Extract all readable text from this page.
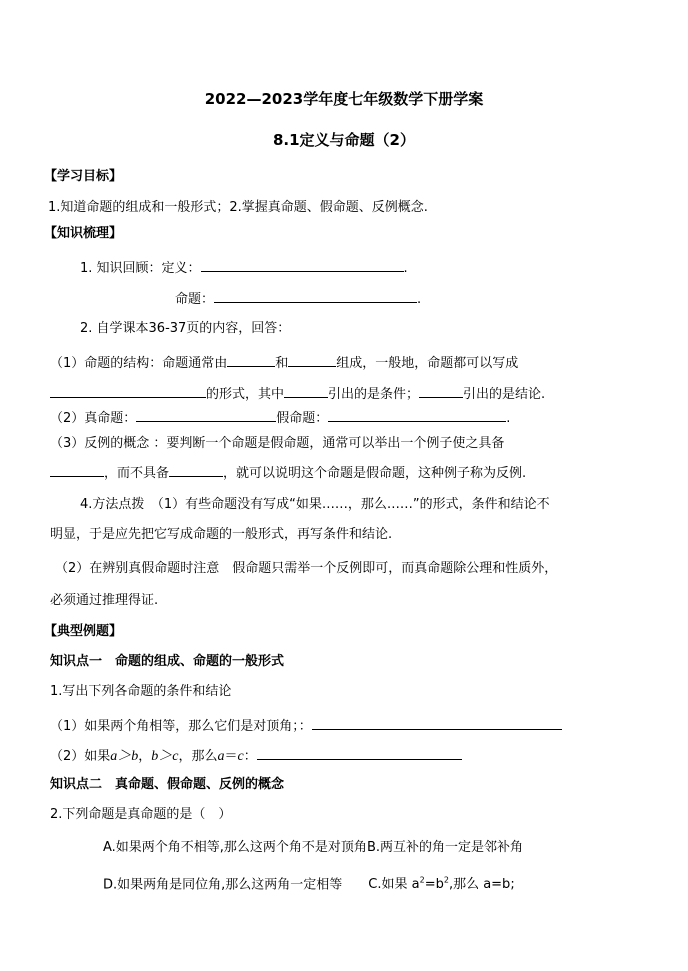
2022—2023学年度七年级数学下册学案
8.1定义与命题（2）
【学习目标】
1.知道命题的组成和一般形式；2.掌握真命题、假命题、反例概念.
【知识梳理】
1. 知识回顾：定义：	.
命题：	.
2. 自学课本36-37页的内容，回答：
（1）命题的结构：命题通常由	和	组成，一般地，命题都可以写成
的形式，其中	引出的是条件；	引出的是结论.
（2）真命题：	假命题：	.
（3）反例的概念 ：要判断一个命题是假命题，通常可以举出一个例子使之具备
，而不具备	，就可以说明这个命题是假命题，这种例子称为反例.
4.方法点拨　（1）有些命题没有写成“如果……，那么……”的形式，条件和结论不
明显，于是应先把它写成命题的一般形式，再写条件和结论.
（2）在辨别真假命题时注意　假命题只需举一个反例即可，而真命题除公理和性质外，
必须通过推理得证.
【典型例题】
知识点一　命题的组成、命题的一般形式
1.写出下列各命题的条件和结论
（1）如果两个角相等，那么它们是对顶角；：
（2）如果a＞b，b＞c，那么a＝c：
知识点二　真命题、假命题、反例的概念
2.下列命题是真命题的是（　）
A.如果两个角不相等,那么这两个角不是对顶角B.两互补的角一定是邻补角
D.如果两角是同位角,那么这两角一定相等 C.如果 $a^2=b^2$,那么 a=b;
